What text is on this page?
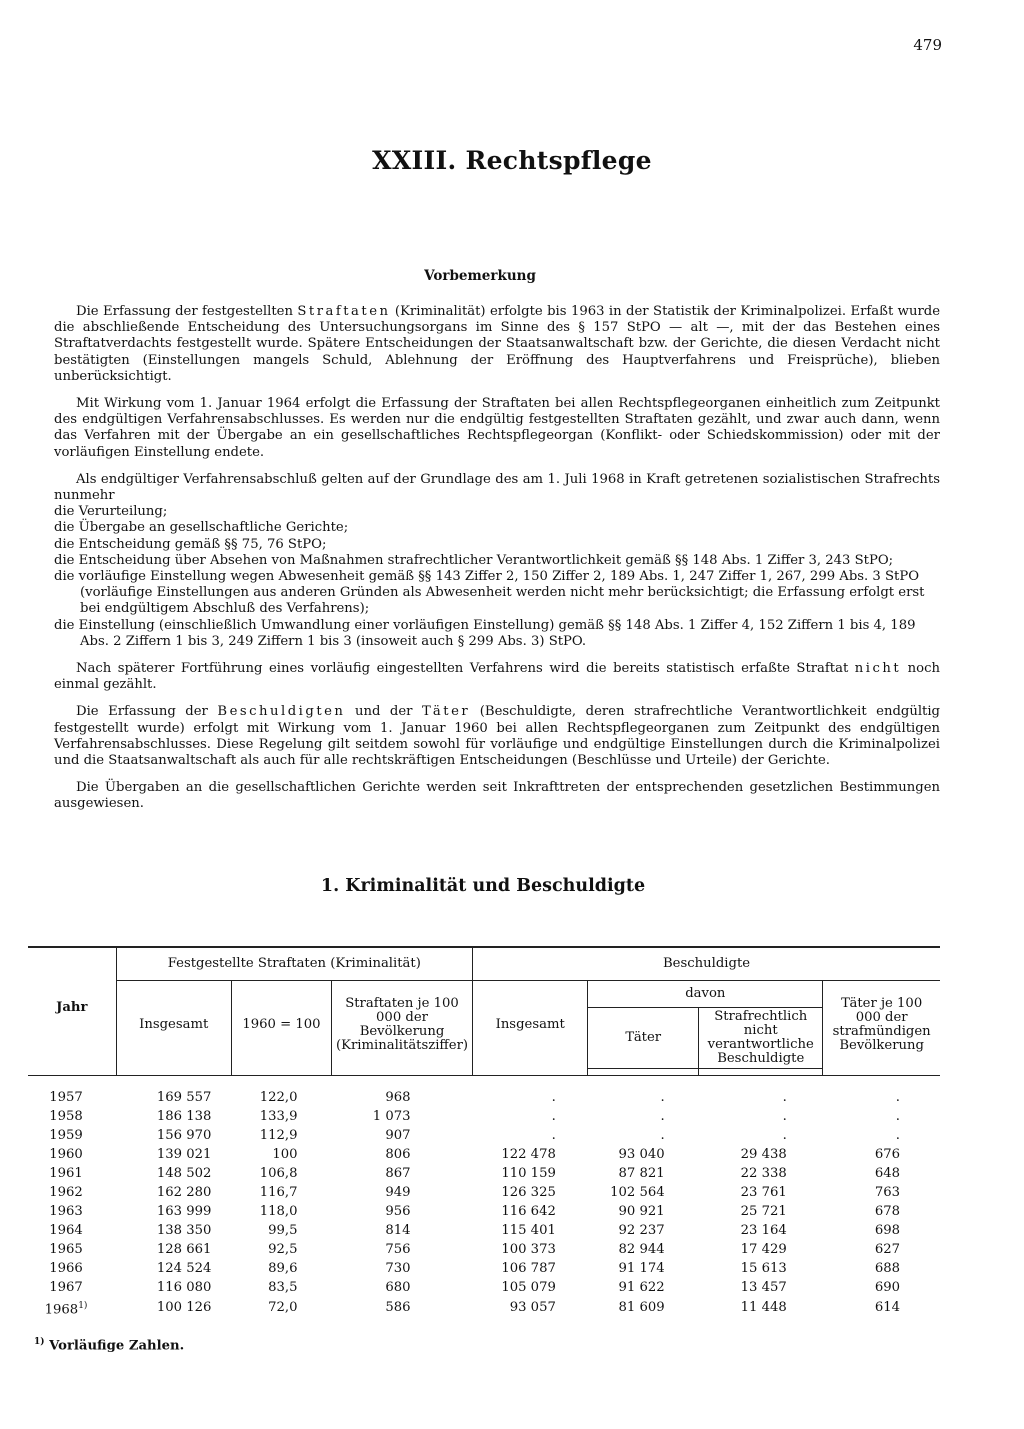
479
XXIII. Rechtspflege
Vorbemerkung

Die Erfassung der festgestellten Straftaten (Kriminalität) erfolgte bis 1963 in der Statistik der Kriminalpolizei. Erfaßt wurde die abschließende Entscheidung des Untersuchungsorgans im Sinne des § 157 StPO — alt —, mit der das Bestehen eines Straftatverdachts festgestellt wurde. Spätere Entscheidungen der Staatsanwaltschaft bzw. der Gerichte, die diesen Verdacht nicht bestätigten (Einstellungen mangels Schuld, Ablehnung der Eröffnung des Hauptverfahrens und Freisprüche), blieben unberücksichtigt.

Mit Wirkung vom 1. Januar 1964 erfolgt die Erfassung der Straftaten bei allen Rechtspflegeorganen einheitlich zum Zeitpunkt des endgültigen Verfahrensabschlusses. Es werden nur die endgültig festgestellten Straftaten gezählt, und zwar auch dann, wenn das Verfahren mit der Übergabe an ein gesellschaftliches Rechtspflegeorgan (Konflikt- oder Schiedskommission) oder mit der vorläufigen Einstellung endete.

Als endgültiger Verfahrensabschluß gelten auf der Grundlage des am 1. Juli 1968 in Kraft getretenen sozialistischen Strafrechts nunmehr

die Verurteilung;
die Übergabe an gesellschaftliche Gerichte;
die Entscheidung gemäß §§ 75, 76 StPO;
die Entscheidung über Absehen von Maßnahmen strafrechtlicher Verantwortlichkeit gemäß §§ 148 Abs. 1 Ziffer 3, 243 StPO;
die vorläufige Einstellung wegen Abwesenheit gemäß §§ 143 Ziffer 2, 150 Ziffer 2, 189 Abs. 1, 247 Ziffer 1, 267, 299 Abs. 3 StPO
(vorläufige Einstellungen aus anderen Gründen als Abwesenheit werden nicht mehr berücksichtigt; die Erfassung erfolgt erst bei endgültigem Abschluß des Verfahrens);
die Einstellung (einschließlich Umwandlung einer vorläufigen Einstellung) gemäß §§ 148 Abs. 1 Ziffer 4, 152 Ziffern 1 bis 4, 189
Abs. 2 Ziffern 1 bis 3, 249 Ziffern 1 bis 3 (insoweit auch § 299 Abs. 3) StPO.

Nach späterer Fortführung eines vorläufig eingestellten Verfahrens wird die bereits statistisch erfaßte Straftat nicht noch einmal gezählt.

Die Erfassung der Beschuldigten und der Täter (Beschuldigte, deren strafrechtliche Verantwortlichkeit endgültig festgestellt wurde) erfolgt mit Wirkung vom 1. Januar 1960 bei allen Rechtspflegeorganen zum Zeitpunkt des endgültigen Verfahrensabschlusses. Diese Regelung gilt seitdem sowohl für vorläufige und endgültige Einstellungen durch die Kriminalpolizei und die Staatsanwaltschaft als auch für alle rechtskräftigen Entscheidungen (Beschlüsse und Urteile) der Gerichte.

Die Übergaben an die gesellschaftlichen Gerichte werden seit Inkrafttreten der entsprechenden gesetzlichen Bestimmungen ausgewiesen.

1. Kriminalität und Beschuldigte
Jahr	Festgestellte Straftaten (Kriminalität)			Beschuldigte			
	Insgesamt	1960 = 100	Straftaten je 100 000 der Bevölkerung (Kriminalitätsziffer)	Insgesamt	davon		Täter je 100 000 der strafmündigen Bevölkerung
					Täter	Strafrechtlich nicht verantwortliche Beschuldigte	

1957	169 557	122,0	968	.	.	.	.
1958	186 138	133,9	1 073	.	.	.	.
1959	156 970	112,9	907	.	.	.	.
1960	139 021	100	806	122 478	93 040	29 438	676
1961	148 502	106,8	867	110 159	87 821	22 338	648
1962	162 280	116,7	949	126 325	102 564	23 761	763
1963	163 999	118,0	956	116 642	90 921	25 721	678
1964	138 350	99,5	814	115 401	92 237	23 164	698
1965	128 661	92,5	756	100 373	82 944	17 429	627
1966	124 524	89,6	730	106 787	91 174	15 613	688
1967	116 080	83,5	680	105 079	91 622	13 457	690
1968$^{1)}$	100 126	72,0	586	93 057	81 609	11 448	614
$^{1)}$ Vorläufige Zahlen.
